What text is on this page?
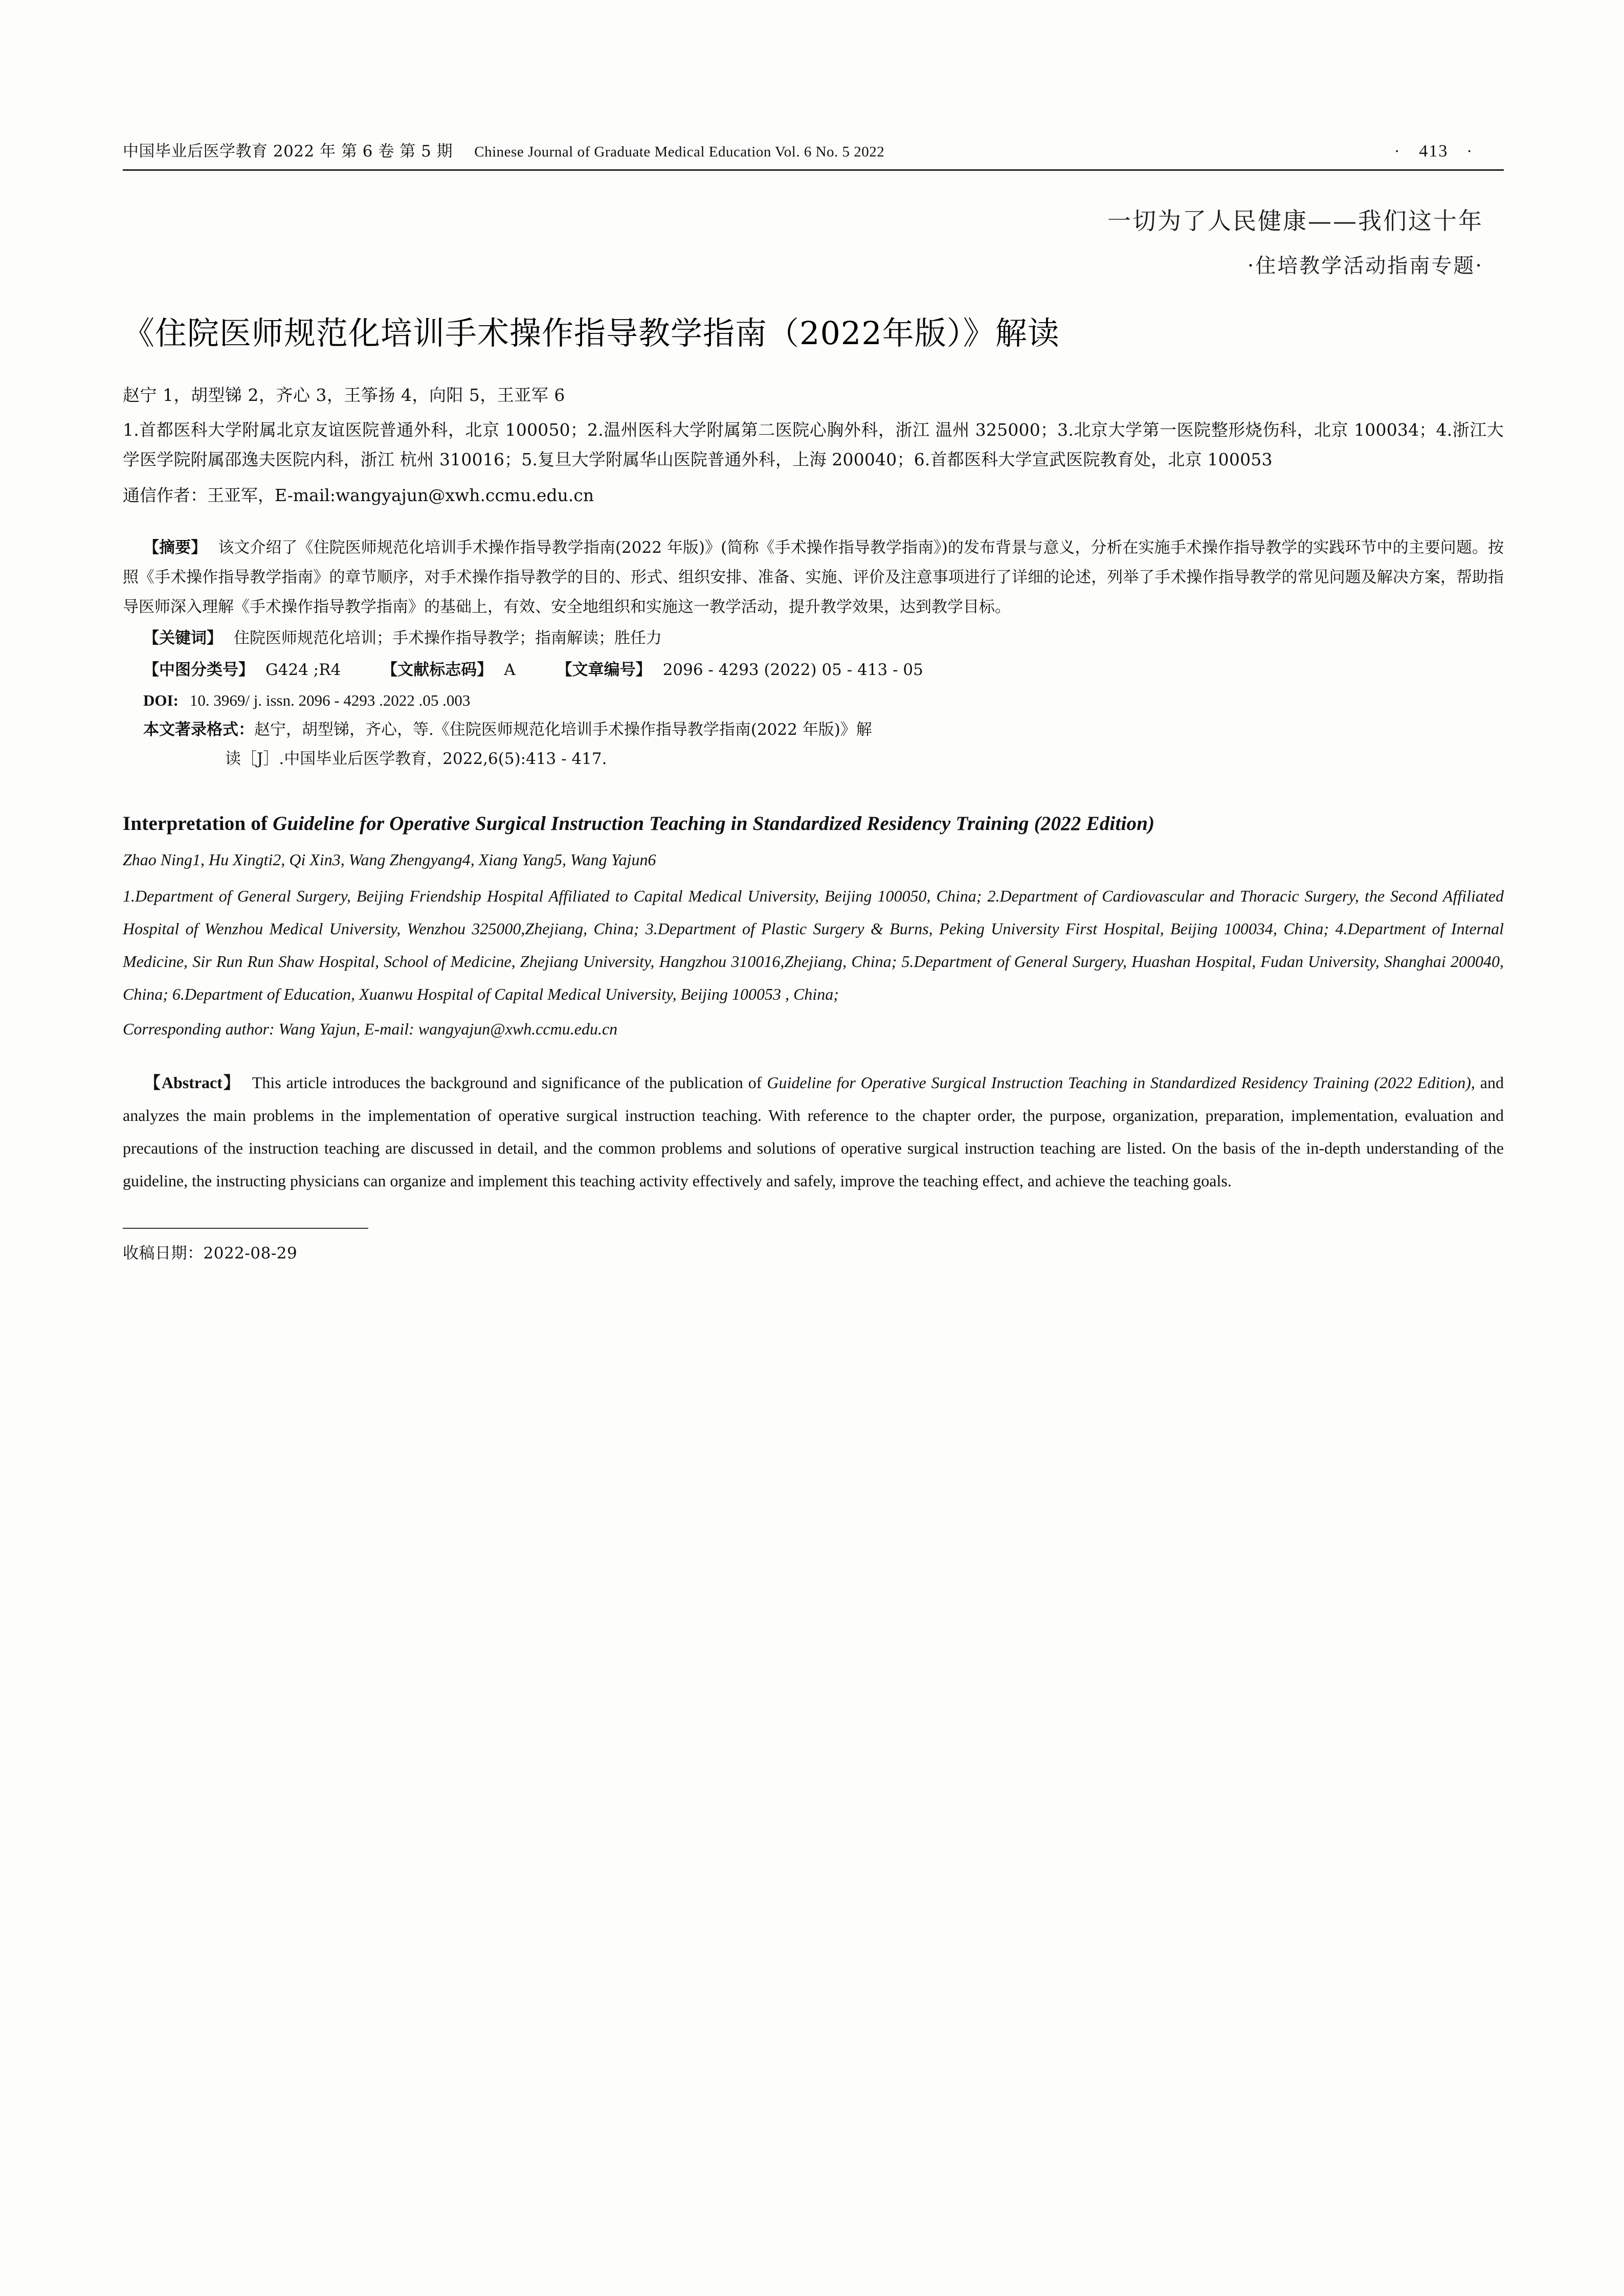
中国毕业后医学教育 2022 年 第 6 卷 第 5 期 Chinese Journal of Graduate Medical Education Vol. 6 No. 5 2022	· 413 ·
一切为了人民健康——我们这十年
·住培教学活动指南专题·
《住院医师规范化培训手术操作指导教学指南（2022年版）》解读
赵宁 1，胡型锑 2，齐心 3，王筝扬 4，向阳 5，王亚军 6
1.首都医科大学附属北京友谊医院普通外科，北京 100050；2.温州医科大学附属第二医院心胸外科，浙江 温州 325000；3.北京大学第一医院整形烧伤科，北京 100034；4.浙江大学医学院附属邵逸夫医院内科，浙江 杭州 310016；5.复旦大学附属华山医院普通外科，上海 200040；6.首都医科大学宣武医院教育处，北京 100053
通信作者：王亚军，E-mail:wangyajun@xwh.ccmu.edu.cn

【摘要】 该文介绍了《住院医师规范化培训手术操作指导教学指南(2022 年版)》(简称《手术操作指导教学指南》)的发布背景与意义，分析在实施手术操作指导教学的实践环节中的主要问题。按照《手术操作指导教学指南》的章节顺序，对手术操作指导教学的目的、形式、组织安排、准备、实施、评价及注意事项进行了详细的论述，列举了手术操作指导教学的常见问题及解决方案，帮助指导医师深入理解《手术操作指导教学指南》的基础上，有效、安全地组织和实施这一教学活动，提升教学效果，达到教学目标。

【关键词】 住院医师规范化培训；手术操作指导教学；指南解读；胜任力
【中图分类号】 G424 ;R4	【文献标志码】 A	【文章编号】 2096 - 4293 (2022) 05 - 413 - 05
DOI: 10. 3969/ j. issn. 2096 - 4293 .2022 .05 .003
本文著录格式：赵宁，胡型锑，齐心，等.《住院医师规范化培训手术操作指导教学指南(2022 年版)》解
读［J］.中国毕业后医学教育，2022,6(5):413 - 417.
Interpretation of Guideline for Operative Surgical Instruction Teaching in Standardized Residency Training (2022 Edition)
Zhao Ning1, Hu Xingti2, Qi Xin3, Wang Zhengyang4, Xiang Yang5, Wang Yajun6
1.Department of General Surgery, Beijing Friendship Hospital Affiliated to Capital Medical University, Beijing 100050, China; 2.Department of Cardiovascular and Thoracic Surgery, the Second Affiliated Hospital of Wenzhou Medical University, Wenzhou 325000,Zhejiang, China; 3.Department of Plastic Surgery & Burns, Peking University First Hospital, Beijing 100034, China; 4.Department of Internal Medicine, Sir Run Run Shaw Hospital, School of Medicine, Zhejiang University, Hangzhou 310016,Zhejiang, China; 5.Department of General Surgery, Huashan Hospital, Fudan University, Shanghai 200040, China; 6.Department of Education, Xuanwu Hospital of Capital Medical University, Beijing 100053 , China;
Corresponding author: Wang Yajun, E-mail: wangyajun@xwh.ccmu.edu.cn
【Abstract】 This article introduces the background and significance of the publication of Guideline for Operative Surgical Instruction Teaching in Standardized Residency Training (2022 Edition), and analyzes the main problems in the implementation of operative surgical instruction teaching. With reference to the chapter order, the purpose, organization, preparation, implementation, evaluation and precautions of the instruction teaching are discussed in detail, and the common problems and solutions of operative surgical instruction teaching are listed. On the basis of the in-depth understanding of the guideline, the instructing physicians can organize and implement this teaching activity effectively and safely, improve the teaching effect, and achieve the teaching goals.
收稿日期：2022-08-29
